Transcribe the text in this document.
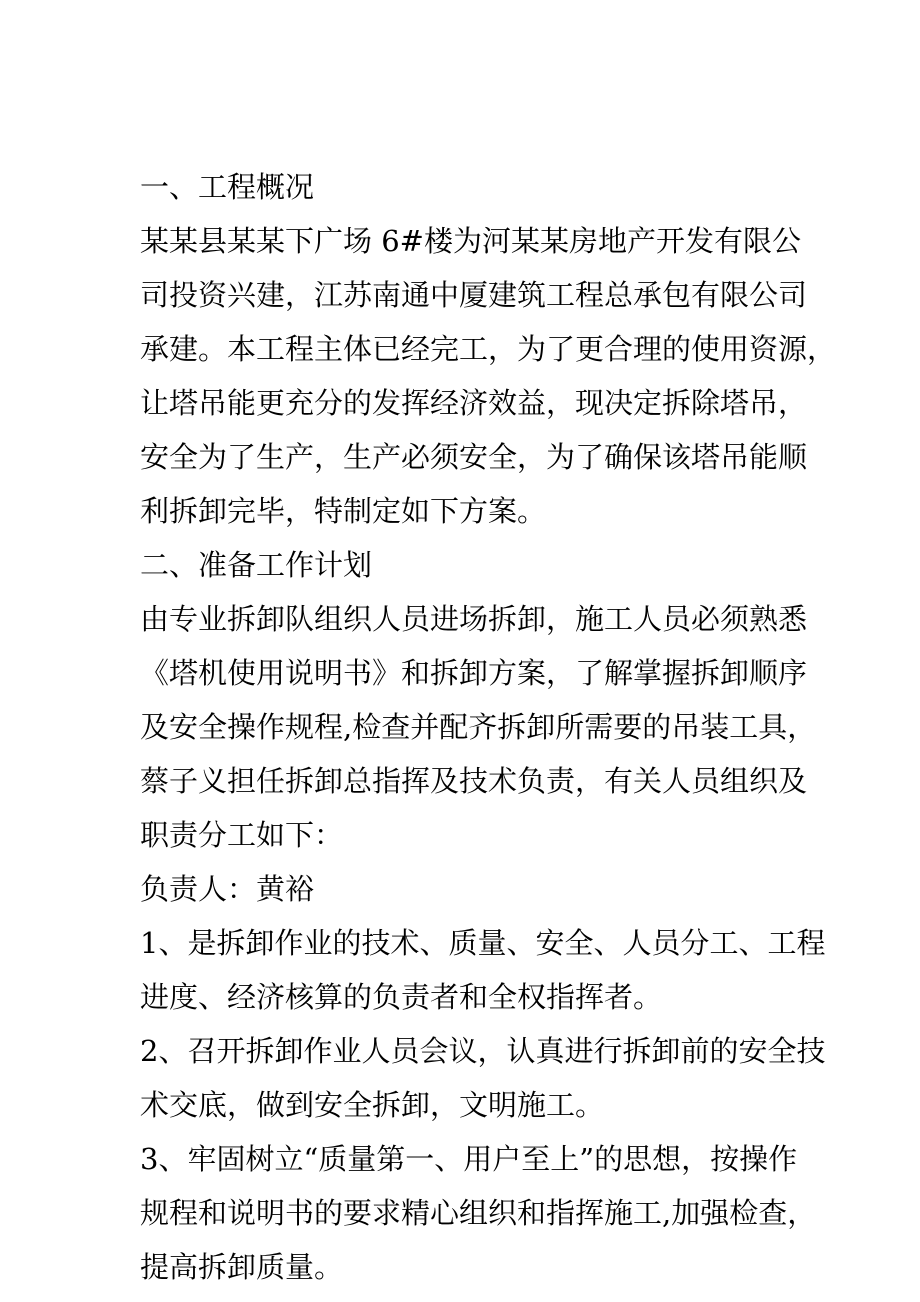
一、工程概况
某某县某某下广场 6#楼为河某某房地产开发有限公
司投资兴建，江苏南通中厦建筑工程总承包有限公司
承建。本工程主体已经完工，为了更合理的使用资源，
让塔吊能更充分的发挥经济效益，现决定拆除塔吊，
安全为了生产，生产必须安全，为了确保该塔吊能顺
利拆卸完毕，特制定如下方案。
二、准备工作计划
由专业拆卸队组织人员进场拆卸，施工人员必须熟悉
《塔机使用说明书》和拆卸方案，了解掌握拆卸顺序
及安全操作规程,检查并配齐拆卸所需要的吊装工具，
蔡子义担任拆卸总指挥及技术负责，有关人员组织及
职责分工如下：
负责人：黄裕
1、是拆卸作业的技术、质量、安全、人员分工、工程
进度、经济核算的负责者和全权指挥者。
2、召开拆卸作业人员会议，认真进行拆卸前的安全技
术交底，做到安全拆卸，文明施工。
3、牢固树立“质量第一、用户至上”的思想，按操作
规程和说明书的要求精心组织和指挥施工,加强检查，
提高拆卸质量。
